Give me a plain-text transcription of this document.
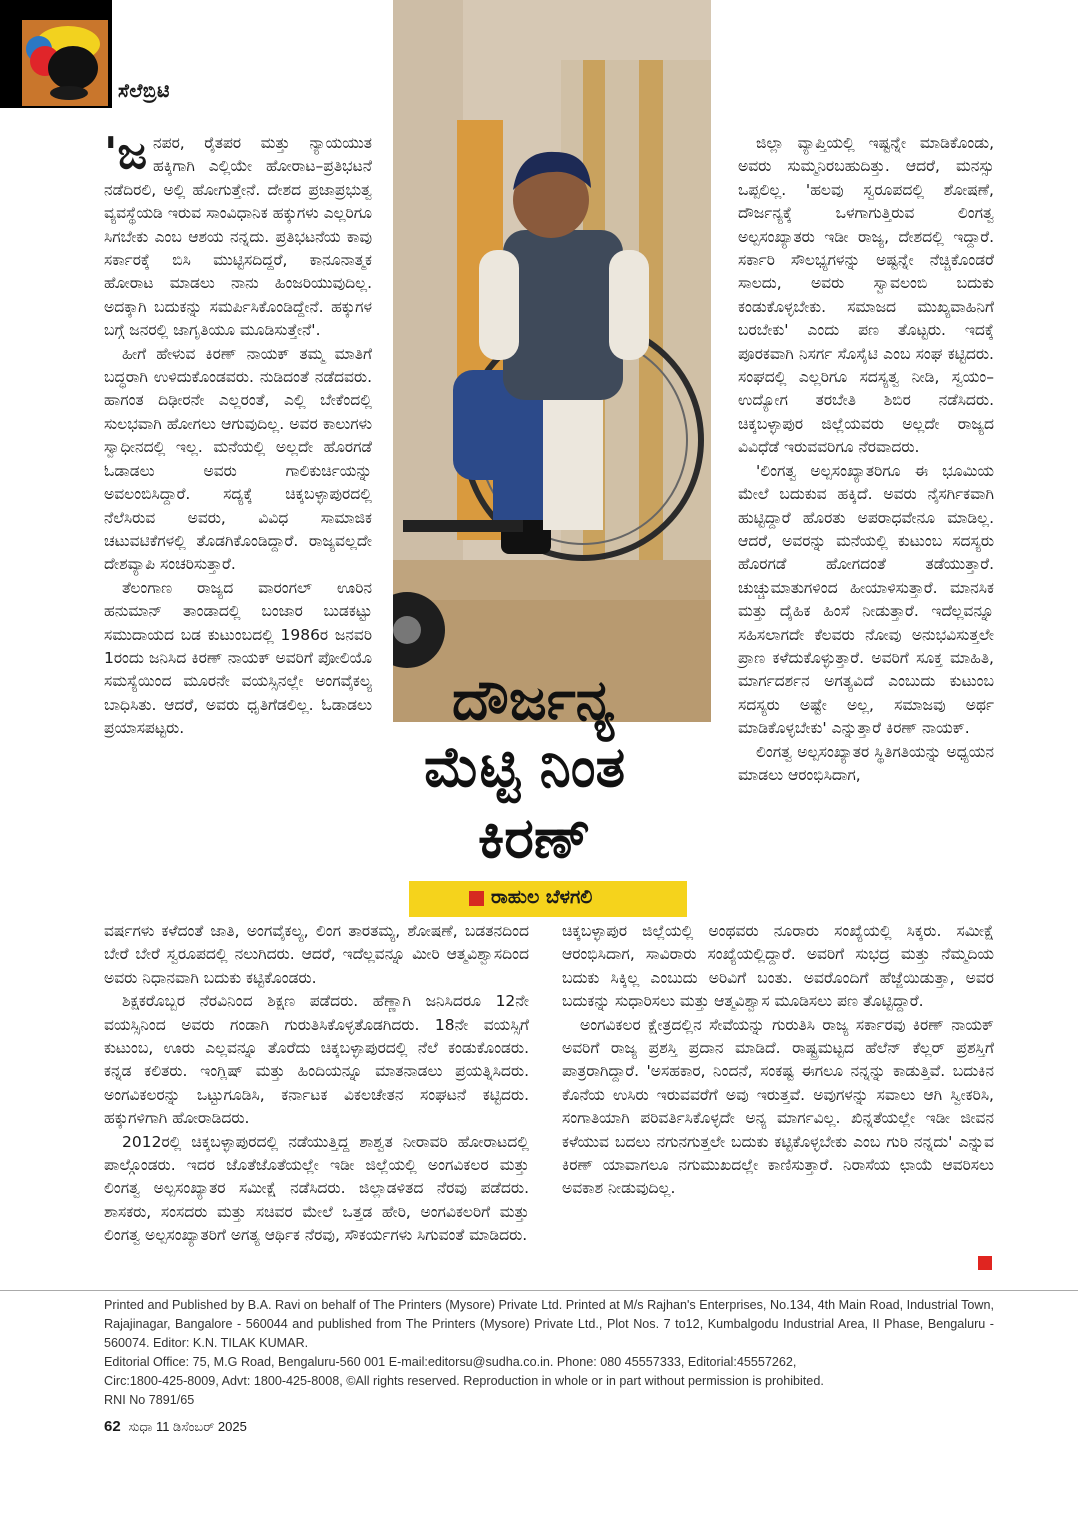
ಸೆಲೆಬ್ರಿಟಿ
ದೌರ್ಜನ್ಯ
ಮೆಟ್ಟಿ ನಿಂತ
ಕಿರಣ್
ರಾಹುಲ ಬೆಳಗಲಿ

'ಜನಪರ, ರೈತಪರ ಮತ್ತು ನ್ಯಾಯಯುತ ಹಕ್ಕಿಗಾಗಿ ಎಲ್ಲಿಯೇ ಹೋರಾಟ–ಪ್ರತಿಭಟನೆ ನಡೆದಿರಲಿ, ಅಲ್ಲಿ ಹೋಗುತ್ತೇನೆ. ದೇಶದ ಪ್ರಜಾಪ್ರಭುತ್ವ ವ್ಯವಸ್ಥೆಯಡಿ ಇರುವ ಸಾಂವಿಧಾನಿಕ ಹಕ್ಕುಗಳು ಎಲ್ಲರಿಗೂ ಸಿಗಬೇಕು ಎಂಬ ಆಶಯ ನನ್ನದು. ಪ್ರತಿಭಟನೆಯ ಕಾವು ಸರ್ಕಾರಕ್ಕೆ ಬಿಸಿ ಮುಟ್ಟಿಸದಿದ್ದರೆ, ಕಾನೂನಾತ್ಮಕ ಹೋರಾಟ ಮಾಡಲು ನಾನು ಹಿಂಜರಿಯುವುದಿಲ್ಲ. ಅದಕ್ಕಾಗಿ ಬದುಕನ್ನು ಸಮರ್ಪಿಸಿಕೊಂಡಿದ್ದೇನೆ. ಹಕ್ಕುಗಳ ಬಗ್ಗೆ ಜನರಲ್ಲಿ ಜಾಗೃತಿಯೂ ಮೂಡಿಸುತ್ತೇನೆ'.

ಹೀಗೆ ಹೇಳುವ ಕಿರಣ್ ನಾಯಕ್ ತಮ್ಮ ಮಾತಿಗೆ ಬದ್ಧರಾಗಿ ಉಳಿದುಕೊಂಡವರು. ನುಡಿದಂತೆ ನಡೆದವರು. ಹಾಗಂತ ದಿಢೀರನೇ ಎಲ್ಲರಂತೆ, ಎಲ್ಲಿ ಬೇಕೆಂದಲ್ಲಿ ಸುಲಭವಾಗಿ ಹೋಗಲು ಆಗುವುದಿಲ್ಲ. ಅವರ ಕಾಲುಗಳು ಸ್ವಾಧೀನದಲ್ಲಿ ಇಲ್ಲ. ಮನೆಯಲ್ಲಿ ಅಲ್ಲದೇ ಹೊರಗಡೆ ಓಡಾಡಲು ಅವರು ಗಾಲಿಕುರ್ಚಿಯನ್ನು ಅವಲಂಬಿಸಿದ್ದಾರೆ. ಸದ್ಯಕ್ಕೆ ಚಿಕ್ಕಬಳ್ಳಾಪುರದಲ್ಲಿ ನೆಲೆಸಿರುವ ಅವರು, ವಿವಿಧ ಸಾಮಾಜಿಕ ಚಟುವಟಿಕೆಗಳಲ್ಲಿ ತೊಡಗಿಕೊಂಡಿದ್ದಾರೆ. ರಾಜ್ಯವಲ್ಲದೇ ದೇಶವ್ಯಾಪಿ ಸಂಚರಿಸುತ್ತಾರೆ.

ತೆಲಂಗಾಣ ರಾಜ್ಯದ ವಾರಂಗಲ್ ಊರಿನ ಹನುಮಾನ್ ತಾಂಡಾದಲ್ಲಿ ಬಂಜಾರ ಬುಡಕಟ್ಟು ಸಮುದಾಯದ ಬಡ ಕುಟುಂಬದಲ್ಲಿ 1986ರ ಜನವರಿ 1ರಂದು ಜನಿಸಿದ ಕಿರಣ್ ನಾಯಕ್ ಅವರಿಗೆ ಪೋಲಿಯೊ ಸಮಸ್ಯೆಯಿಂದ ಮೂರನೇ ವಯಸ್ಸಿನಲ್ಲೇ ಅಂಗವೈಕಲ್ಯ ಬಾಧಿಸಿತು. ಆದರೆ, ಅವರು ಧೃತಿಗೆಡಲಿಲ್ಲ. ಓಡಾಡಲು ಪ್ರಯಾಸಪಟ್ಟರು.

ಜಿಲ್ಲಾ ವ್ಯಾಪ್ತಿಯಲ್ಲಿ ಇಷ್ಟನ್ನೇ ಮಾಡಿಕೊಂಡು, ಅವರು ಸುಮ್ಮನಿರಬಹುದಿತ್ತು. ಆದರೆ, ಮನಸ್ಸು ಒಪ್ಪಲಿಲ್ಲ. 'ಹಲವು ಸ್ವರೂಪದಲ್ಲಿ ಶೋಷಣೆ, ದೌರ್ಜನ್ಯಕ್ಕೆ ಒಳಗಾಗುತ್ತಿರುವ ಲಿಂಗತ್ವ ಅಲ್ಪಸಂಖ್ಯಾತರು ಇಡೀ ರಾಜ್ಯ, ದೇಶದಲ್ಲಿ ಇದ್ದಾರೆ. ಸರ್ಕಾರಿ ಸೌಲಭ್ಯಗಳನ್ನು ಅಷ್ಟನ್ನೇ ನೆಚ್ಚಿಕೊಂಡರೆ ಸಾಲದು, ಅವರು ಸ್ವಾವಲಂಬಿ ಬದುಕು ಕಂಡುಕೊಳ್ಳಬೇಕು. ಸಮಾಜದ ಮುಖ್ಯವಾಹಿನಿಗೆ ಬರಬೇಕು' ಎಂದು ಪಣ ತೊಟ್ಟರು. ಇದಕ್ಕೆ ಪೂರಕವಾಗಿ ನಿಸರ್ಗ ಸೊಸೈಟಿ ಎಂಬ ಸಂಘ ಕಟ್ಟಿದರು. ಸಂಘದಲ್ಲಿ ಎಲ್ಲರಿಗೂ ಸದಸ್ಯತ್ವ ನೀಡಿ, ಸ್ವಯಂ–ಉದ್ಯೋಗ ತರಬೇತಿ ಶಿಬಿರ ನಡೆಸಿದರು. ಚಿಕ್ಕಬಳ್ಳಾಪುರ ಜಿಲ್ಲೆಯವರು ಅಲ್ಲದೇ ರಾಜ್ಯದ ವಿವಿಧೆಡೆ ಇರುವವರಿಗೂ ನೆರವಾದರು.

'ಲಿಂಗತ್ವ ಅಲ್ಪಸಂಖ್ಯಾತರಿಗೂ ಈ ಭೂಮಿಯ ಮೇಲೆ ಬದುಕುವ ಹಕ್ಕಿದೆ. ಅವರು ನೈಸರ್ಗಿಕವಾಗಿ ಹುಟ್ಟಿದ್ದಾರೆ ಹೊರತು ಅಪರಾಧವೇನೂ ಮಾಡಿಲ್ಲ. ಆದರೆ, ಅವರನ್ನು ಮನೆಯಲ್ಲಿ ಕುಟುಂಬ ಸದಸ್ಯರು ಹೊರಗಡೆ ಹೋಗದಂತೆ ತಡೆಯುತ್ತಾರೆ. ಚುಚ್ಚುಮಾತುಗಳಿಂದ ಹೀಯಾಳಿಸುತ್ತಾರೆ. ಮಾನಸಿಕ ಮತ್ತು ದೈಹಿಕ ಹಿಂಸೆ ನೀಡುತ್ತಾರೆ. ಇದೆಲ್ಲವನ್ನೂ ಸಹಿಸಲಾಗದೇ ಕೆಲವರು ನೋವು ಅನುಭವಿಸುತ್ತಲೇ ಪ್ರಾಣ ಕಳೆದುಕೊಳ್ಳುತ್ತಾರೆ. ಅವರಿಗೆ ಸೂಕ್ತ ಮಾಹಿತಿ, ಮಾರ್ಗದರ್ಶನ ಅಗತ್ಯವಿದೆ ಎಂಬುದು ಕುಟುಂಬ ಸದಸ್ಯರು ಅಷ್ಟೇ ಅಲ್ಲ, ಸಮಾಜವು ಅರ್ಥ ಮಾಡಿಕೊಳ್ಳಬೇಕು' ಎನ್ನುತ್ತಾರೆ ಕಿರಣ್ ನಾಯಕ್.

ಲಿಂಗತ್ವ ಅಲ್ಪಸಂಖ್ಯಾತರ ಸ್ಥಿತಿಗತಿಯನ್ನು ಅಧ್ಯಯನ ಮಾಡಲು ಆರಂಭಿಸಿದಾಗ,

ವರ್ಷಗಳು ಕಳೆದಂತೆ ಜಾತಿ, ಅಂಗವೈಕಲ್ಯ, ಲಿಂಗ ತಾರತಮ್ಯ, ಶೋಷಣೆ, ಬಡತನದಿಂದ ಬೇರೆ ಬೇರೆ ಸ್ವರೂಪದಲ್ಲಿ ನಲುಗಿದರು. ಆದರೆ, ಇದೆಲ್ಲವನ್ನೂ ಮೀರಿ ಆತ್ಮವಿಶ್ವಾಸದಿಂದ ಅವರು ನಿಧಾನವಾಗಿ ಬದುಕು ಕಟ್ಟಿಕೊಂಡರು.

ಶಿಕ್ಷಕರೊಬ್ಬರ ನೆರವಿನಿಂದ ಶಿಕ್ಷಣ ಪಡೆದರು. ಹೆಣ್ಣಾಗಿ ಜನಿಸಿದರೂ 12ನೇ ವಯಸ್ಸಿನಿಂದ ಅವರು ಗಂಡಾಗಿ ಗುರುತಿಸಿಕೊಳ್ಳತೊಡಗಿದರು. 18ನೇ ವಯಸ್ಸಿಗೆ ಕುಟುಂಬ, ಊರು ಎಲ್ಲವನ್ನೂ ತೊರೆದು ಚಿಕ್ಕಬಳ್ಳಾಪುರದಲ್ಲಿ ನೆಲೆ ಕಂಡುಕೊಂಡರು. ಕನ್ನಡ ಕಲಿತರು. ಇಂಗ್ಲಿಷ್ ಮತ್ತು ಹಿಂದಿಯನ್ನೂ ಮಾತನಾಡಲು ಪ್ರಯತ್ನಿಸಿದರು. ಅಂಗವಿಕಲರನ್ನು ಒಟ್ಟುಗೂಡಿಸಿ, ಕರ್ನಾಟಕ ವಿಕಲಚೇತನ ಸಂಘಟನೆ ಕಟ್ಟಿದರು. ಹಕ್ಕುಗಳಿಗಾಗಿ ಹೋರಾಡಿದರು.

2012ರಲ್ಲಿ ಚಿಕ್ಕಬಳ್ಳಾಪುರದಲ್ಲಿ ನಡೆಯುತ್ತಿದ್ದ ಶಾಶ್ವತ ನೀರಾವರಿ ಹೋರಾಟದಲ್ಲಿ ಪಾಲ್ಗೊಂಡರು. ಇದರ ಜೊತೆಜೊತೆಯಲ್ಲೇ ಇಡೀ ಜಿಲ್ಲೆಯಲ್ಲಿ ಅಂಗವಿಕಲರ ಮತ್ತು ಲಿಂಗತ್ವ ಅಲ್ಪಸಂಖ್ಯಾತರ ಸಮೀಕ್ಷೆ ನಡೆಸಿದರು. ಜಿಲ್ಲಾಡಳಿತದ ನೆರವು ಪಡೆದರು. ಶಾಸಕರು, ಸಂಸದರು ಮತ್ತು ಸಚಿವರ ಮೇಲೆ ಒತ್ತಡ ಹೇರಿ, ಅಂಗವಿಕಲರಿಗೆ ಮತ್ತು ಲಿಂಗತ್ವ ಅಲ್ಪಸಂಖ್ಯಾತರಿಗೆ ಅಗತ್ಯ ಆರ್ಥಿಕ ನೆರವು, ಸೌಕರ್ಯಗಳು ಸಿಗುವಂತೆ ಮಾಡಿದರು.

ಚಿಕ್ಕಬಳ್ಳಾಪುರ ಜಿಲ್ಲೆಯಲ್ಲಿ ಅಂಥವರು ನೂರಾರು ಸಂಖ್ಯೆಯಲ್ಲಿ ಸಿಕ್ಕರು. ಸಮೀಕ್ಷೆ ಆರಂಭಿಸಿದಾಗ, ಸಾವಿರಾರು ಸಂಖ್ಯೆಯಲ್ಲಿದ್ದಾರೆ. ಅವರಿಗೆ ಸುಭದ್ರ ಮತ್ತು ನೆಮ್ಮದಿಯ ಬದುಕು ಸಿಕ್ಕಿಲ್ಲ ಎಂಬುದು ಅರಿವಿಗೆ ಬಂತು. ಅವರೊಂದಿಗೆ ಹೆಜ್ಜೆಯಿಡುತ್ತಾ, ಅವರ ಬದುಕನ್ನು ಸುಧಾರಿಸಲು ಮತ್ತು ಆತ್ಮವಿಶ್ವಾಸ ಮೂಡಿಸಲು ಪಣ ತೊಟ್ಟಿದ್ದಾರೆ.

ಅಂಗವಿಕಲರ ಕ್ಷೇತ್ರದಲ್ಲಿನ ಸೇವೆಯನ್ನು ಗುರುತಿಸಿ ರಾಜ್ಯ ಸರ್ಕಾರವು ಕಿರಣ್ ನಾಯಕ್ ಅವರಿಗೆ ರಾಜ್ಯ ಪ್ರಶಸ್ತಿ ಪ್ರದಾನ ಮಾಡಿದೆ. ರಾಷ್ಟ್ರಮಟ್ಟದ ಹೆಲೆನ್ ಕೆಲ್ಲರ್ ಪ್ರಶಸ್ತಿಗೆ ಪಾತ್ರರಾಗಿದ್ದಾರೆ. 'ಅಸಹಕಾರ, ನಿಂದನೆ, ಸಂಕಷ್ಟ ಈಗಲೂ ನನ್ನನ್ನು ಕಾಡುತ್ತಿವೆ. ಬದುಕಿನ ಕೊನೆಯ ಉಸಿರು ಇರುವವರೆಗೆ ಅವು ಇರುತ್ತವೆ. ಅವುಗಳನ್ನು ಸವಾಲು ಆಗಿ ಸ್ವೀಕರಿಸಿ, ಸಂಗಾತಿಯಾಗಿ ಪರಿವರ್ತಿಸಿಕೊಳ್ಳದೇ ಅನ್ಯ ಮಾರ್ಗವಿಲ್ಲ. ಖಿನ್ನತೆಯಲ್ಲೇ ಇಡೀ ಜೀವನ ಕಳೆಯುವ ಬದಲು ನಗುನಗುತ್ತಲೇ ಬದುಕು ಕಟ್ಟಿಕೊಳ್ಳಬೇಕು ಎಂಬ ಗುರಿ ನನ್ನದು' ಎನ್ನುವ ಕಿರಣ್ ಯಾವಾಗಲೂ ನಗುಮುಖದಲ್ಲೇ ಕಾಣಿಸುತ್ತಾರೆ. ನಿರಾಸೆಯ ಛಾಯೆ ಆವರಿಸಲು ಅವಕಾಶ ನೀಡುವುದಿಲ್ಲ.

Printed and Published by B.A. Ravi on behalf of The Printers (Mysore) Private Ltd. Printed at M/s Rajhan's Enterprises, No.134, 4th Main Road, Industrial Town, Rajajinagar, Bangalore - 560044 and published from The Printers (Mysore) Private Ltd., Plot Nos. 7 to12, Kumbalgodu Industrial Area, II Phase, Bengaluru - 560074. Editor: K.N. TILAK KUMAR.

Editorial Office: 75, M.G Road, Bengaluru-560 001 E-mail:editorsu@sudha.co.in. Phone: 080 45557333, Editorial:45557262,

Circ:1800-425-8009, Advt: 1800-425-8008, ©All rights reserved. Reproduction in whole or in part without permission is prohibited.

RNI No 7891/65

62 ಸುಧಾ 11 ಡಿಸೆಂಬರ್ 2025
